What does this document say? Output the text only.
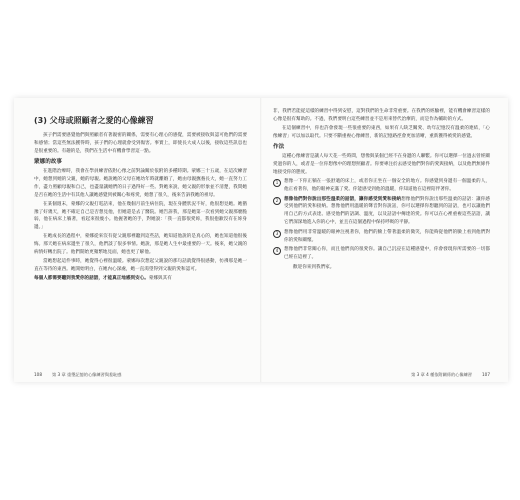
(3) 父母或照顧者之愛的心像練習

孩子們需要感覺他們與照顧者有著親密的關係，需要有心理心的感覺，需要被接收與認可他們的需要和感情；當這些無法獲得時，孩子們的心理就會受到傷害。事實上，即使長大成人以後，接收這些訊息也是很重要的。有趣的是，我們在生活中有機會學習這一點。

蒙娜的故事

在進階治療時，我會在學員練習依附心像之前對論關於依附的多種時期。蒙娜三十五歲，在這次練習中，她想到她的父親，她的母親。她說她的父母在她幼年時就離婚了，她由母親撫養長大，她一直努力工作，盡力照顧母親和自己，也盡量讓她們的日子過得好一些。對她來說，她父親的形象並不清楚，我問她是否在她的生活中有其他人讓她感覺到被關心和疼愛，她想了很久，後來告訴我她的祖母。

在某個週末，蒙娜的父親打電話來，他在幾個月前生病住院，現在身體狀況不好，他很想見她。她猶豫了好幾天，她不確定自己是否想見他，但她還是去了醫院。她告訴我，那是她第一次看到她父親那麼脆弱，他在病床上躺著，看起來很瘦小。他握著她的手，對她說：「我一直都很愛妳，我很抱歉沒有在妳身邊。」

在她成長的過程中，蒙娜從來沒有從父親那裡聽到這些話，她知道他說的是真心的，她也知道他很後悔。那天她在病床邊坐了很久，他們談了很多事情。她說，那是她人生中最重要的一天。後來，她父親的病情好轉出院了。他們開始更頻繁地見面，她也更了解他。

當她想起這件事時，她覺得心裡很溫暖。蒙娜每次想起父親說的那句話就覺得很感動，彷彿那是她一直在等待的東西。她開始明白，在她內心深處，她一直渴望得到父親的愛和認可。

每個人都需要聽到我愛你的話語，才能真正地感到安心。蒙娜與其有

108 第 3 章 重塑記憶的心像練習與羞恥感

非，我們若能從這樣的練習中得到安慰，這對我們的生命非常重要。在我們的經驗裡，能有機會練習這樣的心像是很有幫助的。不過，我們要明白這些練習並不是用來替代治療的，而是作為輔助的方式。

在這個練習中，你也許會發現一些很重要的東西，如果有人缺乏關愛、幼年記憶沒有溫柔的連結，「心像練習」可以加以取代。只要不斷重複心像練習，新的記憶路徑會更加清晰，重新獲得被愛的感覺。

作法

這種心像練習是讓人每天花一些時間，想像與某個已經不在身邊的人聯繫。你可以選擇一位過去曾經關愛過你的人，或者是一位你想像中的理想照顧者。你要專注於去感受他們對你的愛與接納，以及他們無條件地接受你的態度。

1	想像一下你正躺在一張舒適的床上，或者你正坐在一個安全的地方。你感覺到身邊有一個溫柔的人，他正看著你，他的眼神充滿了愛。你能感受到他的溫暖，你知道他在這裡陪伴著你。
2	想像他們對你說出那些溫柔的話語，讓你感受到愛和接納想像他們對你說出那些溫柔的話語：讓你感受到他們的愛和接納。想像他們用溫暖的聲音對你說話，你可以選擇你想聽到的話語，也可以讓他們用自己的方式表達。感受他們的語調、溫度，以及話語中傳達的愛。你可以在心裡重複這些話語，讓它們深深地進入你的心中，並且在這個過程中保持呼吸的平靜。
3	想像他們用非常溫暖的眼神注視著你，他們的臉上帶著溫柔的微笑，你能夠從他們的臉上看到他們對你的愛和關懷。
4	想像他們非常關心你，而且他們真的很愛你。讓自己沉浸在這種感覺中，你會發現你所需要的一切都已經在這裡了。
歡迎你來到我們家。
第 3 章 4 種依附關係的心像練習 107
